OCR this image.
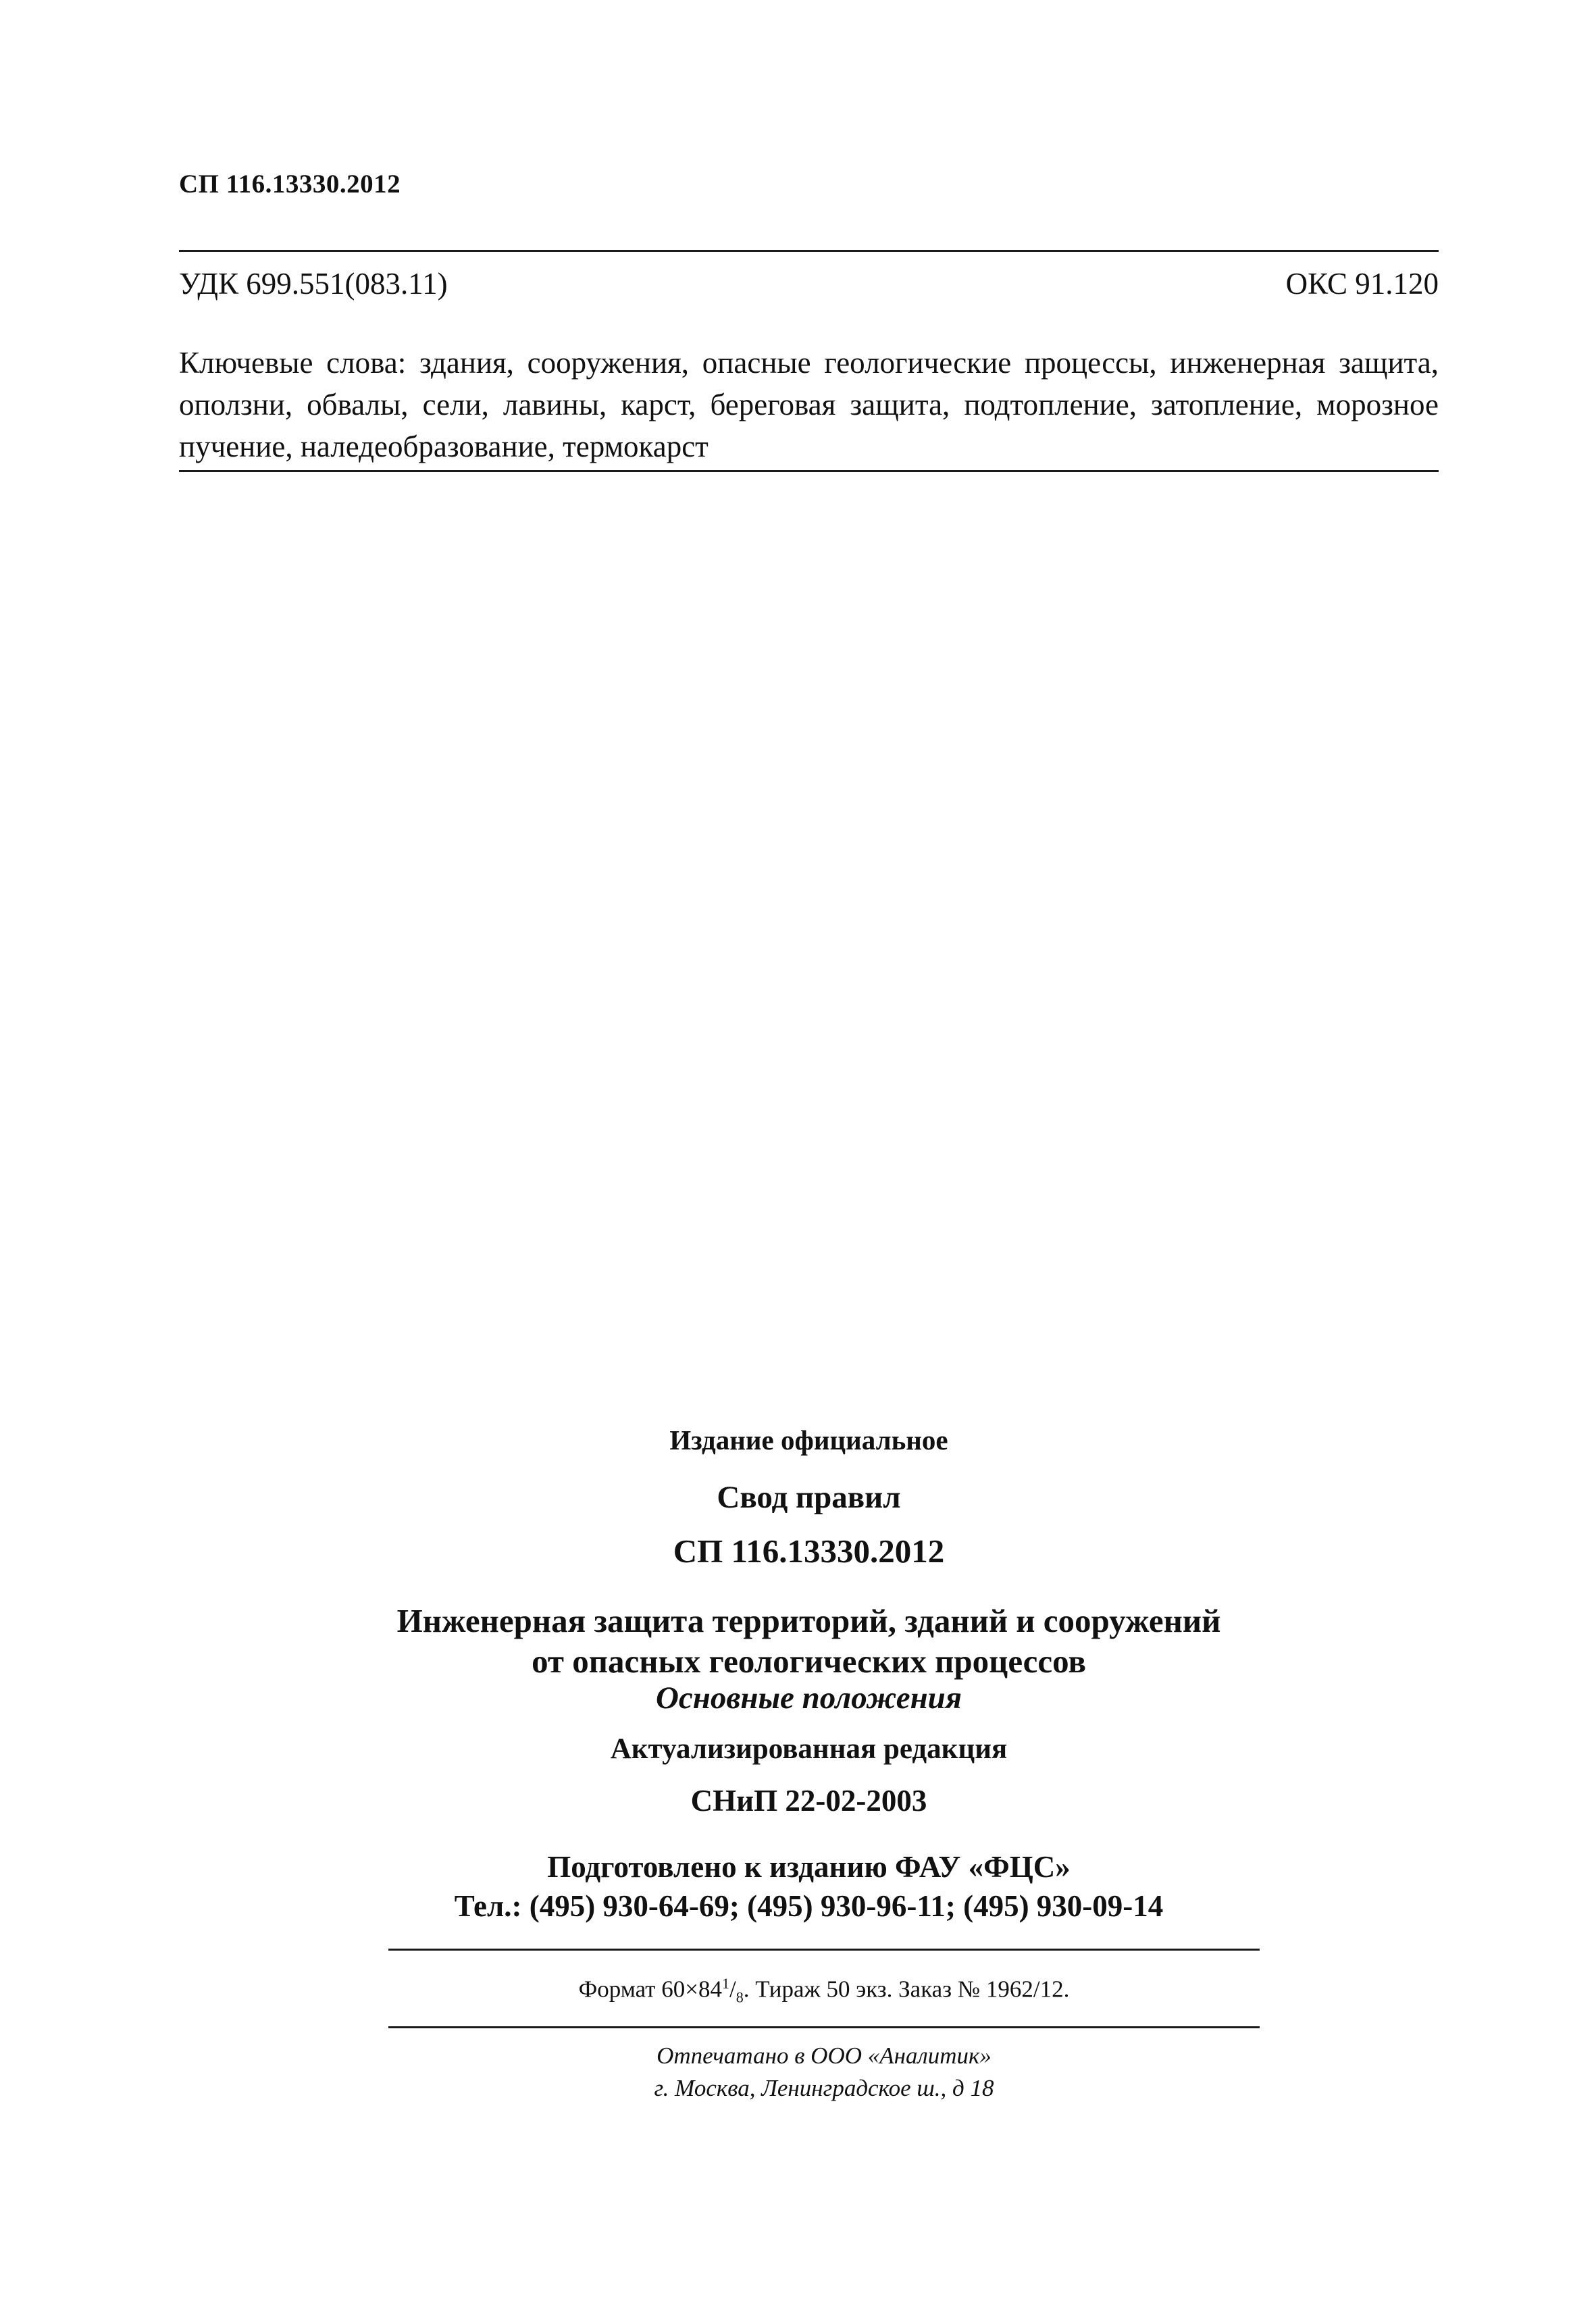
СП 116.13330.2012
УДК 699.551(083.11)	ОКС 91.120
Ключевые слова: здания, сооружения, опасные геологические процессы, инженерная защита, оползни, обвалы, сели, лавины, карст, береговая защита, подтопление, затопление, морозное пучение, наледеобразование, термокарст
Издание официальное
Свод правил
СП 116.13330.2012
Инженерная защита территорий, зданий и сооружений
от опасных геологических процессов
Основные положения
Актуализированная редакция
СНиП 22-02-2003
Подготовлено к изданию ФАУ «ФЦС»
Тел.: (495) 930-64-69; (495) 930-96-11; (495) 930-09-14
Формат $60\times 84^1/_8$. Тираж 50 экз. Заказ № 1962/12.
Отпечатано в ООО «Аналитик»
г. Москва, Ленинградское ш., д 18
